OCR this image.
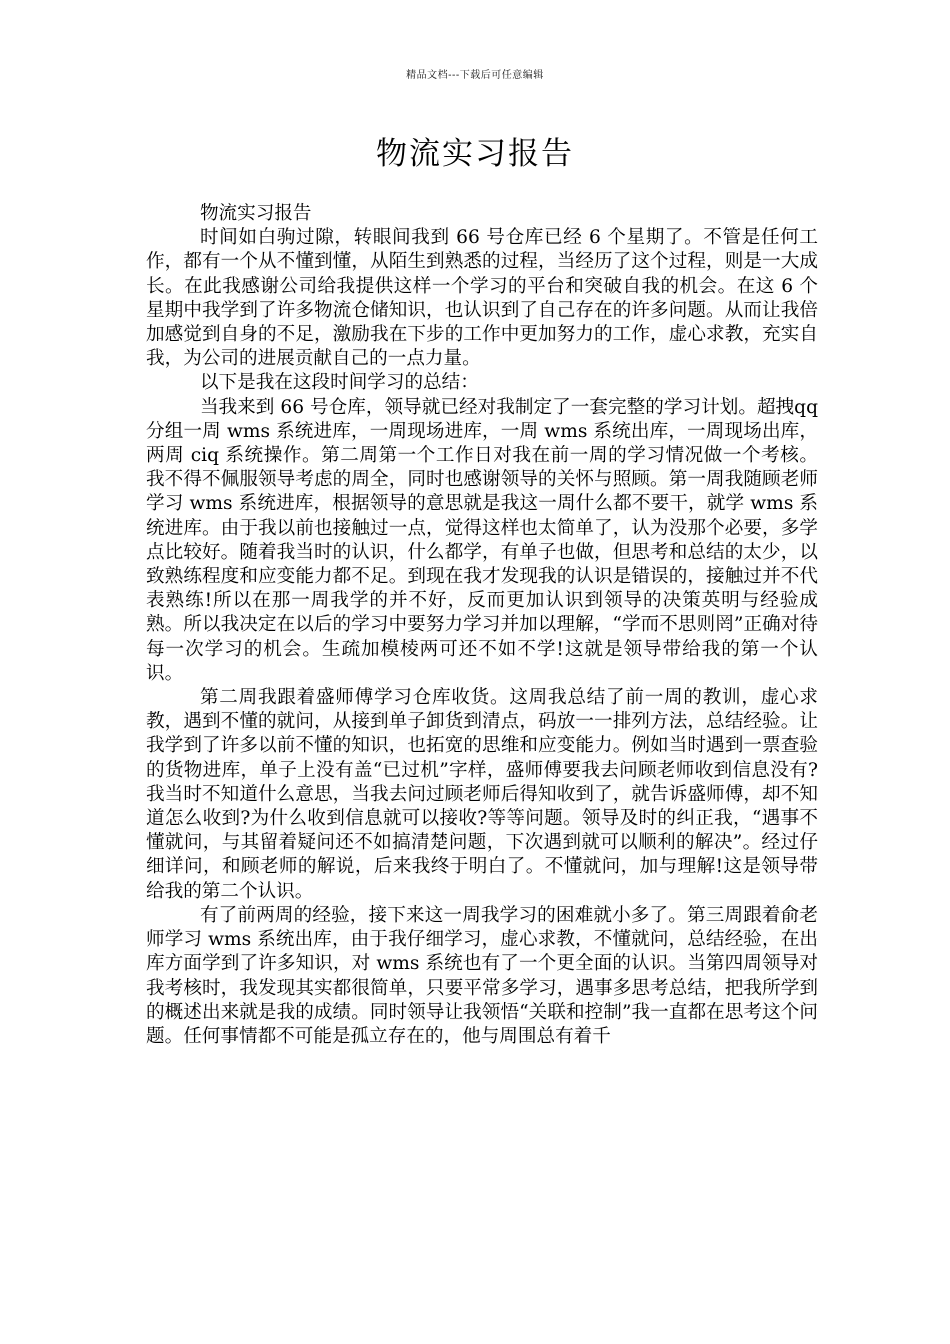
精品文档---下载后可任意编辑
物流实习报告

物流实习报告

时间如白驹过隙，转眼间我到 66 号仓库已经 6 个星期了。不管是任何工作，都有一个从不懂到懂，从陌生到熟悉的过程，当经历了这个过程，则是一大成长。在此我感谢公司给我提供这样一个学习的平台和突破自我的机会。在这 6 个星期中我学到了许多物流仓储知识，也认识到了自己存在的许多问题。从而让我倍加感觉到自身的不足，激励我在下步的工作中更加努力的工作，虚心求教，充实自我，为公司的进展贡献自己的一点力量。

以下是我在这段时间学习的总结：

当我来到 66 号仓库，领导就已经对我制定了一套完整的学习计划。超拽qq分组一周 wms 系统进库，一周现场进库，一周 wms 系统出库，一周现场出库，两周 ciq 系统操作。第二周第一个工作日对我在前一周的学习情况做一个考核。我不得不佩服领导考虑的周全，同时也感谢领导的关怀与照顾。第一周我随顾老师学习 wms 系统进库，根据领导的意思就是我这一周什么都不要干，就学 wms 系统进库。由于我以前也接触过一点，觉得这样也太简单了，认为没那个必要，多学点比较好。随着我当时的认识，什么都学，有单子也做，但思考和总结的太少，以致熟练程度和应变能力都不足。到现在我才发现我的认识是错误的，接触过并不代表熟练!所以在那一周我学的并不好，反而更加认识到领导的决策英明与经验成熟。所以我决定在以后的学习中要努力学习并加以理解，“学而不思则罔”正确对待每一次学习的机会。生疏加模棱两可还不如不学!这就是领导带给我的第一个认识。

第二周我跟着盛师傅学习仓库收货。这周我总结了前一周的教训，虚心求教，遇到不懂的就问，从接到单子卸货到清点，码放一一排列方法，总结经验。让我学到了许多以前不懂的知识，也拓宽的思维和应变能力。例如当时遇到一票查验的货物进库，单子上没有盖“已过机”字样，盛师傅要我去问顾老师收到信息没有?我当时不知道什么意思，当我去问过顾老师后得知收到了，就告诉盛师傅，却不知道怎么收到?为什么收到信息就可以接收?等等问题。领导及时的纠正我，“遇事不懂就问，与其留着疑问还不如搞清楚问题，下次遇到就可以顺利的解决”。经过仔细详问，和顾老师的解说，后来我终于明白了。不懂就问，加与理解!这是领导带给我的第二个认识。

有了前两周的经验，接下来这一周我学习的困难就小多了。第三周跟着俞老师学习 wms 系统出库，由于我仔细学习，虚心求教，不懂就问，总结经验，在出库方面学到了许多知识，对 wms 系统也有了一个更全面的认识。当第四周领导对我考核时，我发现其实都很简单，只要平常多学习，遇事多思考总结，把我所学到的概述出来就是我的成绩。同时领导让我领悟“关联和控制”我一直都在思考这个问题。任何事情都不可能是孤立存在的，他与周围总有着千
